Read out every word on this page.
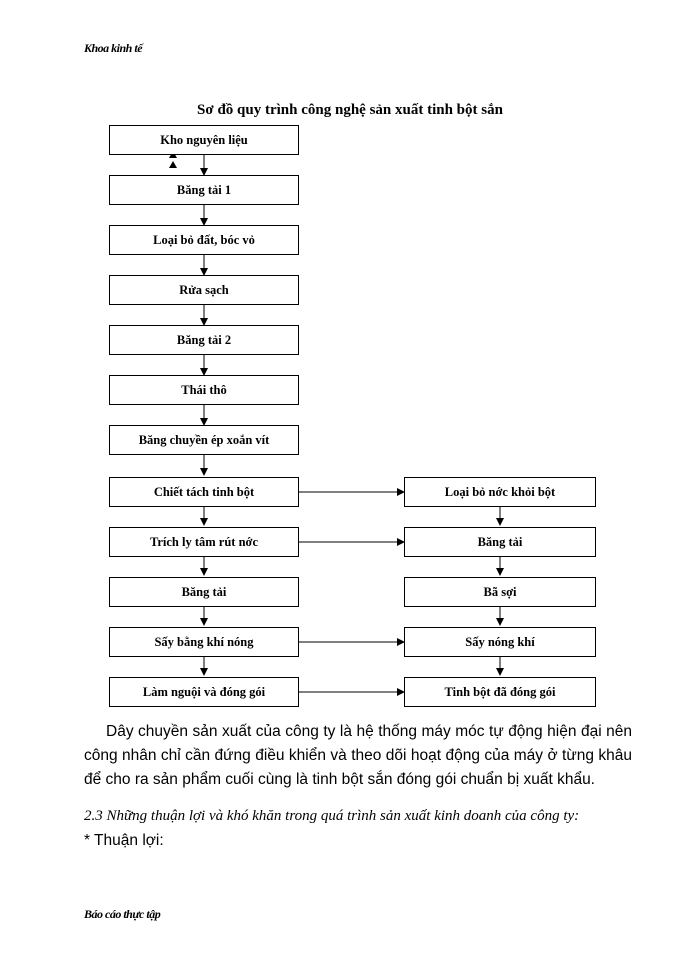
Khoa kinh tế
Sơ đồ quy trình công nghệ sản xuất tinh bột sắn
Kho nguyên liệu
Băng tải 1
Loại bỏ đất, bóc vỏ
Rửa sạch
Băng tải 2
Thái thô
Băng chuyền ép xoắn vít
Chiết tách tinh bột
Trích ly tâm rút nớc
Băng tải
Sấy bằng khí nóng
Làm nguội và đóng gói
Loại bỏ nớc khỏi bột
Băng tải
Bã sợi
Sấy nóng khí
Tinh bột đã đóng gói
Dây chuyền sản xuất của công ty là hệ thống máy móc tự động hiện đại nên công nhân chỉ cần đứng điều khiển và theo dõi hoạt động của máy ở từng khâu để cho ra sản phẩm cuối cùng là tinh bột sắn đóng gói chuẩn bị xuất khẩu.
2.3 Những thuận lợi và khó khăn trong quá trình sản xuất kinh doanh của công ty:
* Thuận lợi:
Báo cáo thực tập
